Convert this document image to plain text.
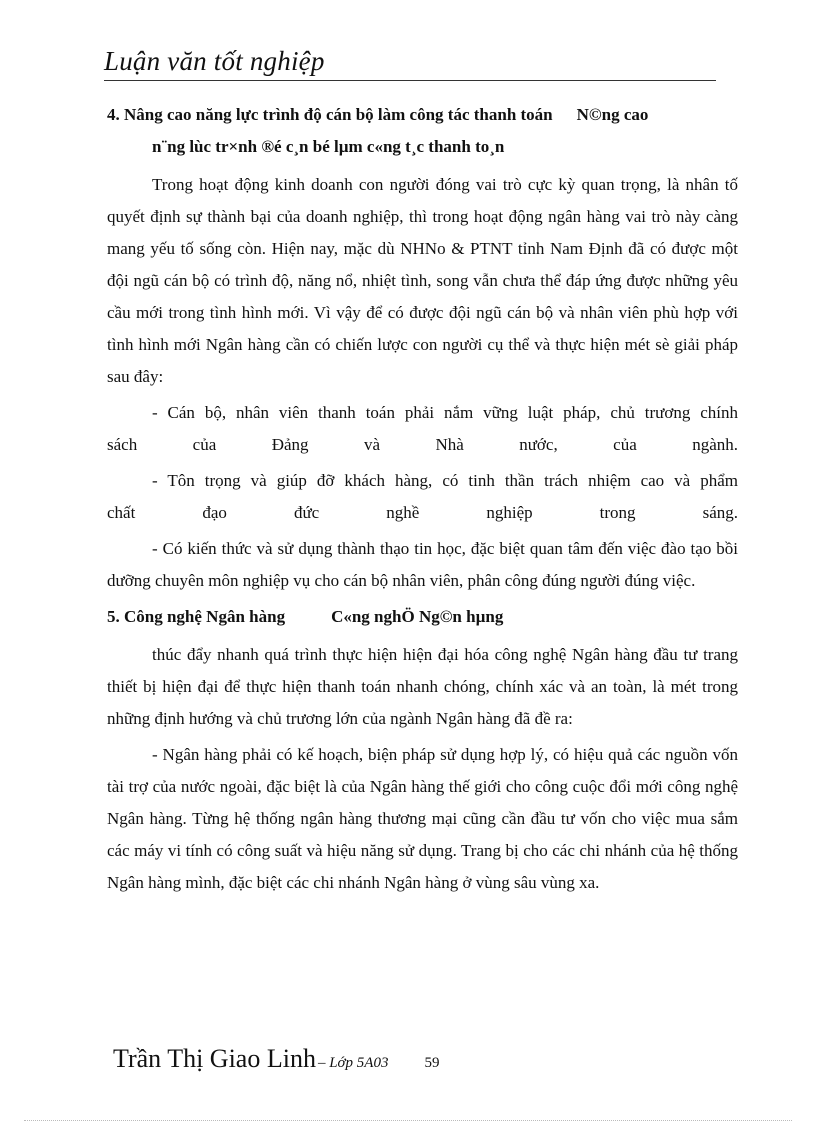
Luận văn tốt nghiệp
4. Nâng cao năng lực trình độ cán bộ làm công tác thanh toán N©ng cao
n¨ng lùc tr×nh ®é c¸n bé lµm c«ng t¸c thanh to¸n

Trong hoạt động kinh doanh con người đóng vai trò cực kỳ quan trọng, là nhân tố quyết định sự thành bại của doanh nghiệp, thì trong hoạt động ngân hàng vai trò này càng mang yếu tố sống còn. Hiện nay, mặc dù NHNo & PTNT tỉnh Nam Định đã có được một đội ngũ cán bộ có trình độ, năng nổ, nhiệt tình, song vẫn chưa thể đáp ứng được những yêu cầu mới trong tình hình mới. Vì vậy để có được đội ngũ cán bộ và nhân viên phù hợp với tình hình mới Ngân hàng cần có chiến lược con người cụ thể và thực hiện mét sè giải pháp sau đây:

- Cán bộ, nhân viên thanh toán phải nắm vững luật pháp, chủ trương chính

sách của Đảng và Nhà nước, của ngành.

- Tôn trọng và giúp đỡ khách hàng, có tinh thần trách nhiệm cao và phẩm

chất đạo đức nghề nghiệp trong sáng.

- Có kiến thức và sử dụng thành thạo tin học, đặc biệt quan tâm đến việc đào tạo bồi dưỡng chuyên môn nghiệp vụ cho cán bộ nhân viên, phân công đúng người đúng việc.

5. Công nghệ Ngân hàng	C«ng nghÖ Ng©n hµng

thúc đẩy nhanh quá trình thực hiện hiện đại hóa công nghệ Ngân hàng đầu tư trang thiết bị hiện đại để thực hiện thanh toán nhanh chóng, chính xác và an toàn, là mét trong những định hướng và chủ trương lớn của ngành Ngân hàng đã đề ra:

- Ngân hàng phải có kế hoạch, biện pháp sử dụng hợp lý, có hiệu quả các nguồn vốn tài trợ của nước ngoài, đặc biệt là của Ngân hàng thế giới cho công cuộc đổi mới công nghệ Ngân hàng. Từng hệ thống ngân hàng thương mại cũng cần đầu tư vốn cho việc mua sắm các máy vi tính có công suất và hiệu năng sử dụng. Trang bị cho các chi nhánh của hệ thống Ngân hàng mình, đặc biệt các chi nhánh Ngân hàng ở vùng sâu vùng xa.

Trần Thị Giao Linh – Lớp 5A03 59
